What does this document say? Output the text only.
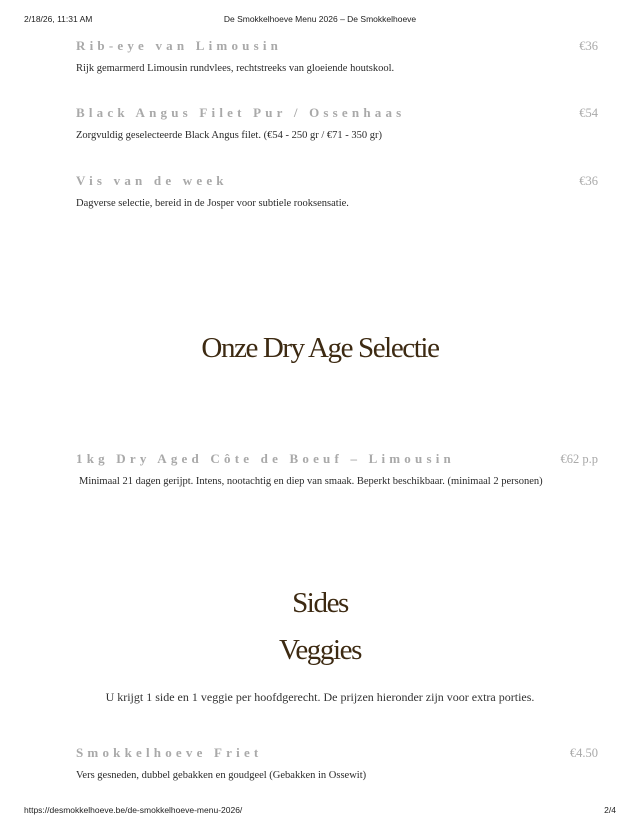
2/18/26, 11:31 AM	De Smokkelhoeve Menu 2026 – De Smokkelhoeve
Rib-eye van Limousin	€36
Rijk gemarmerd Limousin rundvlees, rechtstreeks van gloeiende houtskool.
Black Angus Filet Pur / Ossenhaas	€54
Zorgvuldig geselecteerde Black Angus filet. (€54 - 250 gr / €71 - 350 gr)
Vis van de week	€36
Dagverse selectie, bereid in de Josper voor subtiele rooksensatie.
Onze Dry Age Selectie
1kg Dry Aged Côte de Boeuf – Limousin	€62 p.p
Minimaal 21 dagen gerijpt. Intens, nootachtig en diep van smaak. Beperkt beschikbaar. (minimaal 2 personen)
Sides
Veggies
U krijgt 1 side en 1 veggie per hoofdgerecht. De prijzen hieronder zijn voor extra porties.
Smokkelhoeve Friet	€4.50
Vers gesneden, dubbel gebakken en goudgeel (Gebakken in Ossewit)
https://desmokkelhoeve.be/de-smokkelhoeve-menu-2026/	2/4
